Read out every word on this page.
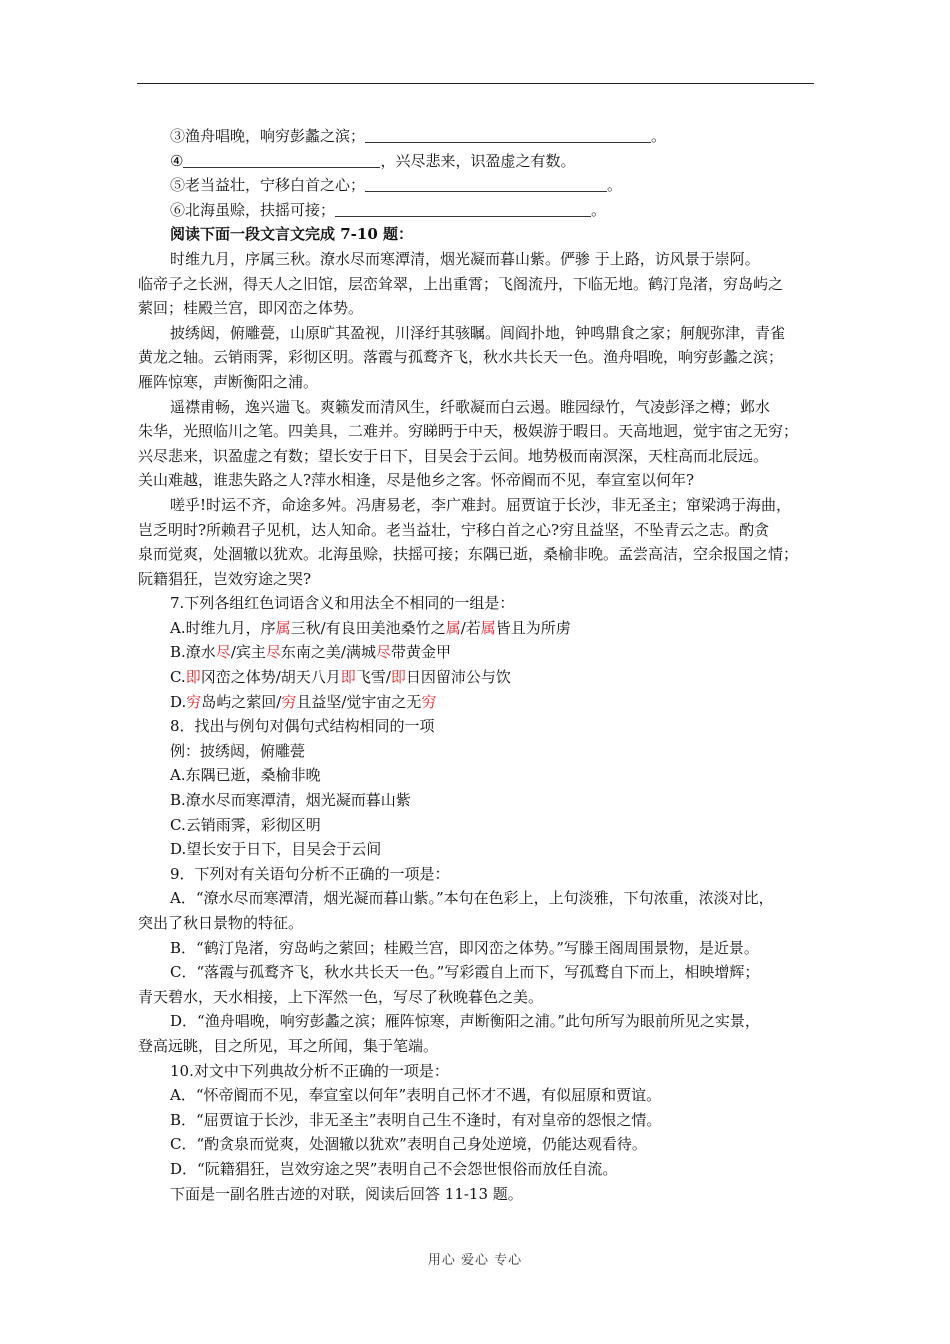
③渔舟唱晚，响穷彭蠡之滨；	。
④	，兴尽悲来，识盈虚之有数。
⑤老当益壮，宁移白首之心；	。
⑥北海虽赊，扶摇可接；	。
阅读下面一段文言文完成 7-10 题：
时维九月，序属三秋。潦水尽而寒潭清，烟光凝而暮山紫。俨骖 于上路，访风景于崇阿。
临帝子之长洲，得天人之旧馆，层峦耸翠，上出重霄；飞阁流丹，下临无地。鹤汀凫渚，穷岛屿之
萦回；桂殿兰宫，即冈峦之体势。
披绣闼，俯雕甍，山原旷其盈视，川泽纡其骇瞩。闾阎扑地，钟鸣鼎食之家；舸舰弥津，青雀
黄龙之轴。云销雨霁，彩彻区明。落霞与孤鹜齐飞，秋水共长天一色。渔舟唱晚，响穷彭蠡之滨；
雁阵惊寒，声断衡阳之浦。
遥襟甫畅，逸兴遄飞。爽籁发而清风生，纤歌凝而白云遏。睢园绿竹，气凌彭泽之樽；邺水
朱华，光照临川之笔。四美具，二难并。穷睇眄于中天，极娱游于暇日。天高地迥，觉宇宙之无穷；
兴尽悲来，识盈虚之有数；望长安于日下，目吴会于云间。地势极而南溟深，天柱高而北辰远。
关山难越，谁悲失路之人?萍水相逢，尽是他乡之客。怀帝阍而不见，奉宣室以何年?
嗟乎!时运不齐，命途多舛。冯唐易老，李广难封。屈贾谊于长沙，非无圣主；窜梁鸿于海曲，
岂乏明时?所赖君子见机，达人知命。老当益壮，宁移白首之心?穷且益坚，不坠青云之志。酌贪
泉而觉爽，处涸辙以犹欢。北海虽赊，扶摇可接；东隅已逝，桑榆非晚。孟尝高洁，空余报国之情；
阮籍猖狂，岂效穷途之哭?
7.下列各组红色词语含义和用法全不相同的一组是：
A.时维九月，序属三秋/有良田美池桑竹之属/若属皆且为所虏
B.潦水尽/宾主尽东南之美/满城尽带黄金甲
C.即冈峦之体势/胡天八月即飞雪/即日因留沛公与饮
D.穷岛屿之萦回/穷且益坚/觉宇宙之无穷
8．找出与例句对偶句式结构相同的一项
例：披绣闼，俯雕甍
A.东隅已逝，桑榆非晚
B.潦水尽而寒潭清，烟光凝而暮山紫
C.云销雨霁，彩彻区明
D.望长安于日下，目吴会于云间
9．下列对有关语句分析不正确的一项是：
A．“潦水尽而寒潭清，烟光凝而暮山紫。”本句在色彩上，上句淡雅，下句浓重，浓淡对比，
突出了秋日景物的特征。
B．“鹤汀凫渚，穷岛屿之萦回；桂殿兰宫，即冈峦之体势。”写滕王阁周围景物，是近景。
C．“落霞与孤鹜齐飞，秋水共长天一色。”写彩霞自上而下，写孤鹜自下而上，相映增辉；
青天碧水，天水相接，上下浑然一色，写尽了秋晚暮色之美。
D．“渔舟唱晚，响穷彭蠡之滨；雁阵惊寒，声断衡阳之浦。”此句所写为眼前所见之实景，
登高远眺，目之所见，耳之所闻，集于笔端。
10.对文中下列典故分析不正确的一项是：
A．“怀帝阍而不见，奉宣室以何年”表明自己怀才不遇，有似屈原和贾谊。
B．“屈贾谊于长沙，非无圣主”表明自己生不逢时，有对皇帝的怨恨之情。
C．“酌贪泉而觉爽，处涸辙以犹欢”表明自己身处逆境，仍能达观看待。
D．“阮籍猖狂，岂效穷途之哭”表明自己不会怨世恨俗而放任自流。
下面是一副名胜古迹的对联，阅读后回答 11-13 题。
用心 爱心 专心
